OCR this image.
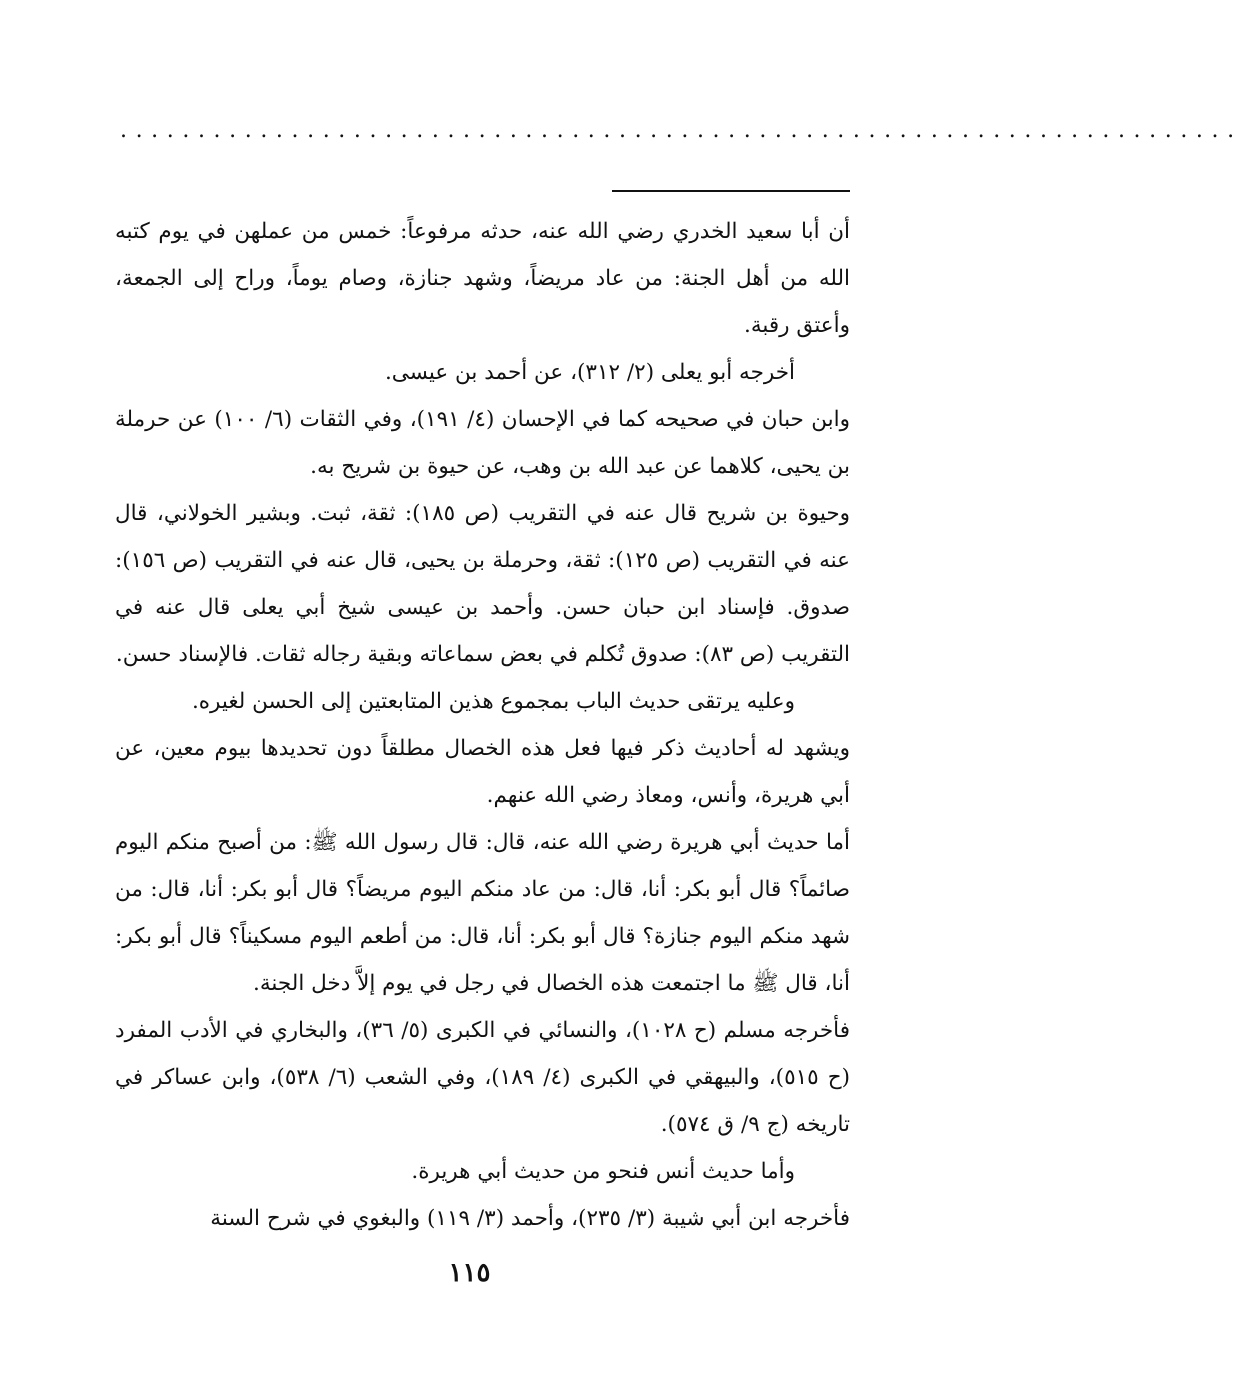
........................................................................

أن أبا سعيد الخدري رضي الله عنه، حدثه مرفوعاً: خمس من عملهن في يوم كتبه الله من أهل الجنة: من عاد مريضاً، وشهد جنازة، وصام يوماً، وراح إلى الجمعة، وأعتق رقبة.

أخرجه أبو يعلى (٢/ ٣١٢)، عن أحمد بن عيسى.

وابن حبان في صحيحه كما في الإحسان (٤/ ١٩١)، وفي الثقات (٦/ ١٠٠) عن حرملة بن يحيى، كلاهما عن عبد الله بن وهب، عن حيوة بن شريح به.

وحيوة بن شريح قال عنه في التقريب (ص ١٨٥): ثقة، ثبت. وبشير الخولاني، قال عنه في التقريب (ص ١٢٥): ثقة، وحرملة بن يحيى، قال عنه في التقريب (ص ١٥٦): صدوق. فإسناد ابن حبان حسن. وأحمد بن عيسى شيخ أبي يعلى قال عنه في التقريب (ص ٨٣): صدوق تُكلم في بعض سماعاته وبقية رجاله ثقات. فالإسناد حسن.

وعليه يرتقى حديث الباب بمجموع هذين المتابعتين إلى الحسن لغيره.

ويشهد له أحاديث ذكر فيها فعل هذه الخصال مطلقاً دون تحديدها بيوم معين، عن أبي هريرة، وأنس، ومعاذ رضي الله عنهم.

أما حديث أبي هريرة رضي الله عنه، قال: قال رسول الله ﷺ: من أصبح منكم اليوم صائماً؟ قال أبو بكر: أنا، قال: من عاد منكم اليوم مريضاً؟ قال أبو بكر: أنا، قال: من شهد منكم اليوم جنازة؟ قال أبو بكر: أنا، قال: من أطعم اليوم مسكيناً؟ قال أبو بكر: أنا، قال ﷺ ما اجتمعت هذه الخصال في رجل في يوم إلاَّ دخل الجنة.

فأخرجه مسلم (ح ١٠٢٨)، والنسائي في الكبرى (٥/ ٣٦)، والبخاري في الأدب المفرد (ح ٥١٥)، والبيهقي في الكبرى (٤/ ١٨٩)، وفي الشعب (٦/ ٥٣٨)، وابن عساكر في تاريخه (ج ٩/ ق ٥٧٤).

وأما حديث أنس فنحو من حديث أبي هريرة.

فأخرجه ابن أبي شيبة (٣/ ٢٣٥)، وأحمد (٣/ ١١٩) والبغوي في شرح السنة

١١٥
